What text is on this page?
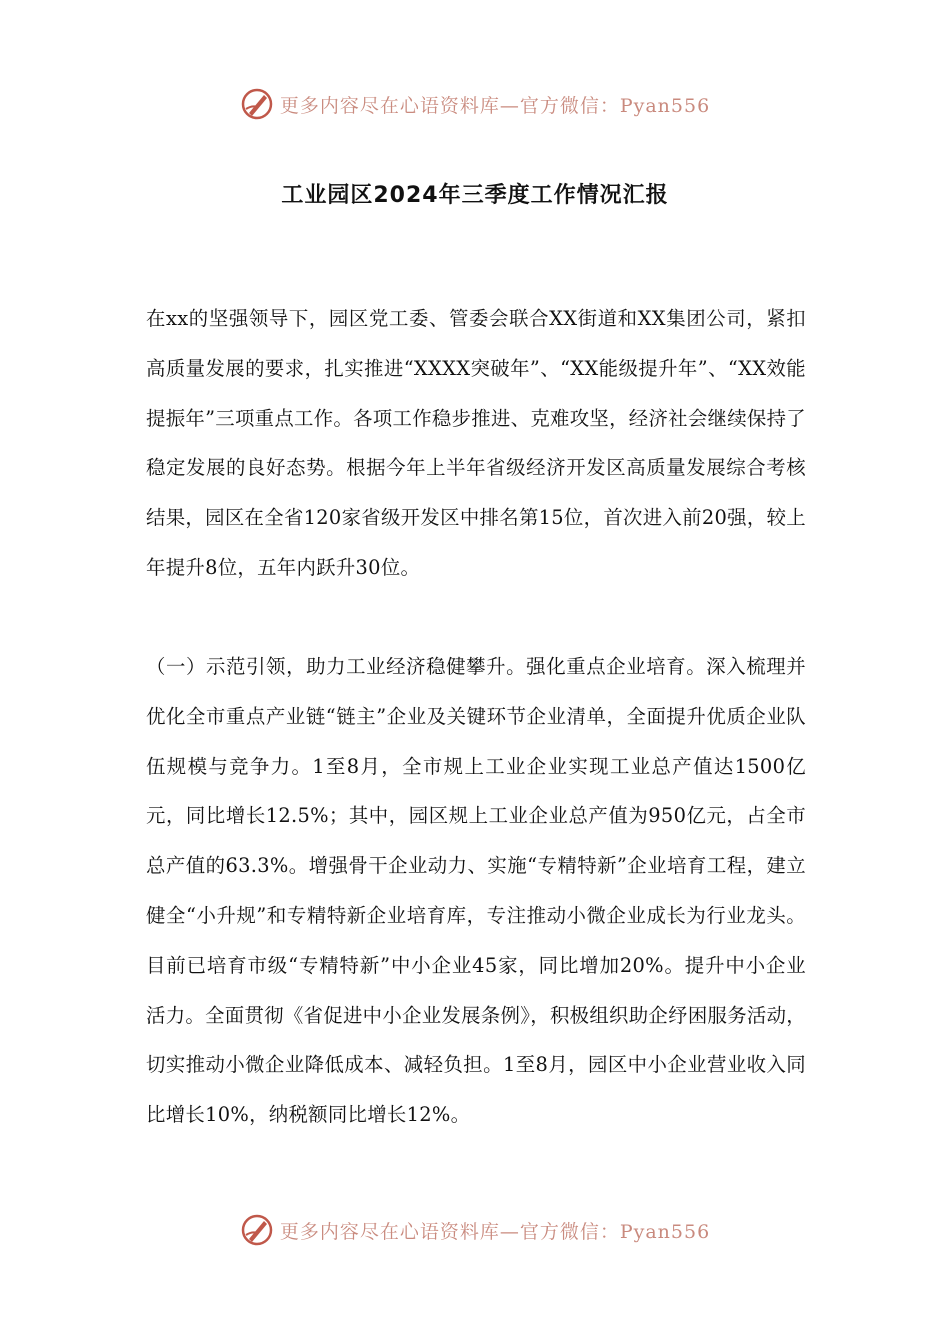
更多内容尽在心语资料库—官方微信：Pyan556
工业园区2024年三季度工作情况汇报

在xx的坚强领导下，园区党工委、管委会联合XX街道和XX集团公司，紧扣高质量发展的要求，扎实推进“XXXX突破年”、“XX能级提升年”、“XX效能提振年”三项重点工作。各项工作稳步推进、克难攻坚，经济社会继续保持了稳定发展的良好态势。根据今年上半年省级经济开发区高质量发展综合考核结果，园区在全省120家省级开发区中排名第15位，首次进入前20强，较上年提升8位，五年内跃升30位。

（一）示范引领，助力工业经济稳健攀升。强化重点企业培育。深入梳理并优化全市重点产业链“链主”企业及关键环节企业清单，全面提升优质企业队伍规模与竞争力。1至8月，全市规上工业企业实现工业总产值达1500亿元，同比增长12.5%；其中，园区规上工业企业总产值为950亿元，占全市总产值的63.3%。增强骨干企业动力、实施“专精特新”企业培育工程，建立健全“小升规”和专精特新企业培育库，专注推动小微企业成长为行业龙头。目前已培育市级“专精特新”中小企业45家，同比增加20%。提升中小企业活力。全面贯彻《省促进中小企业发展条例》，积极组织助企纾困服务活动，切实推动小微企业降低成本、减轻负担。1至8月，园区中小企业营业收入同比增长10%，纳税额同比增长12%。

更多内容尽在心语资料库—官方微信：Pyan556
